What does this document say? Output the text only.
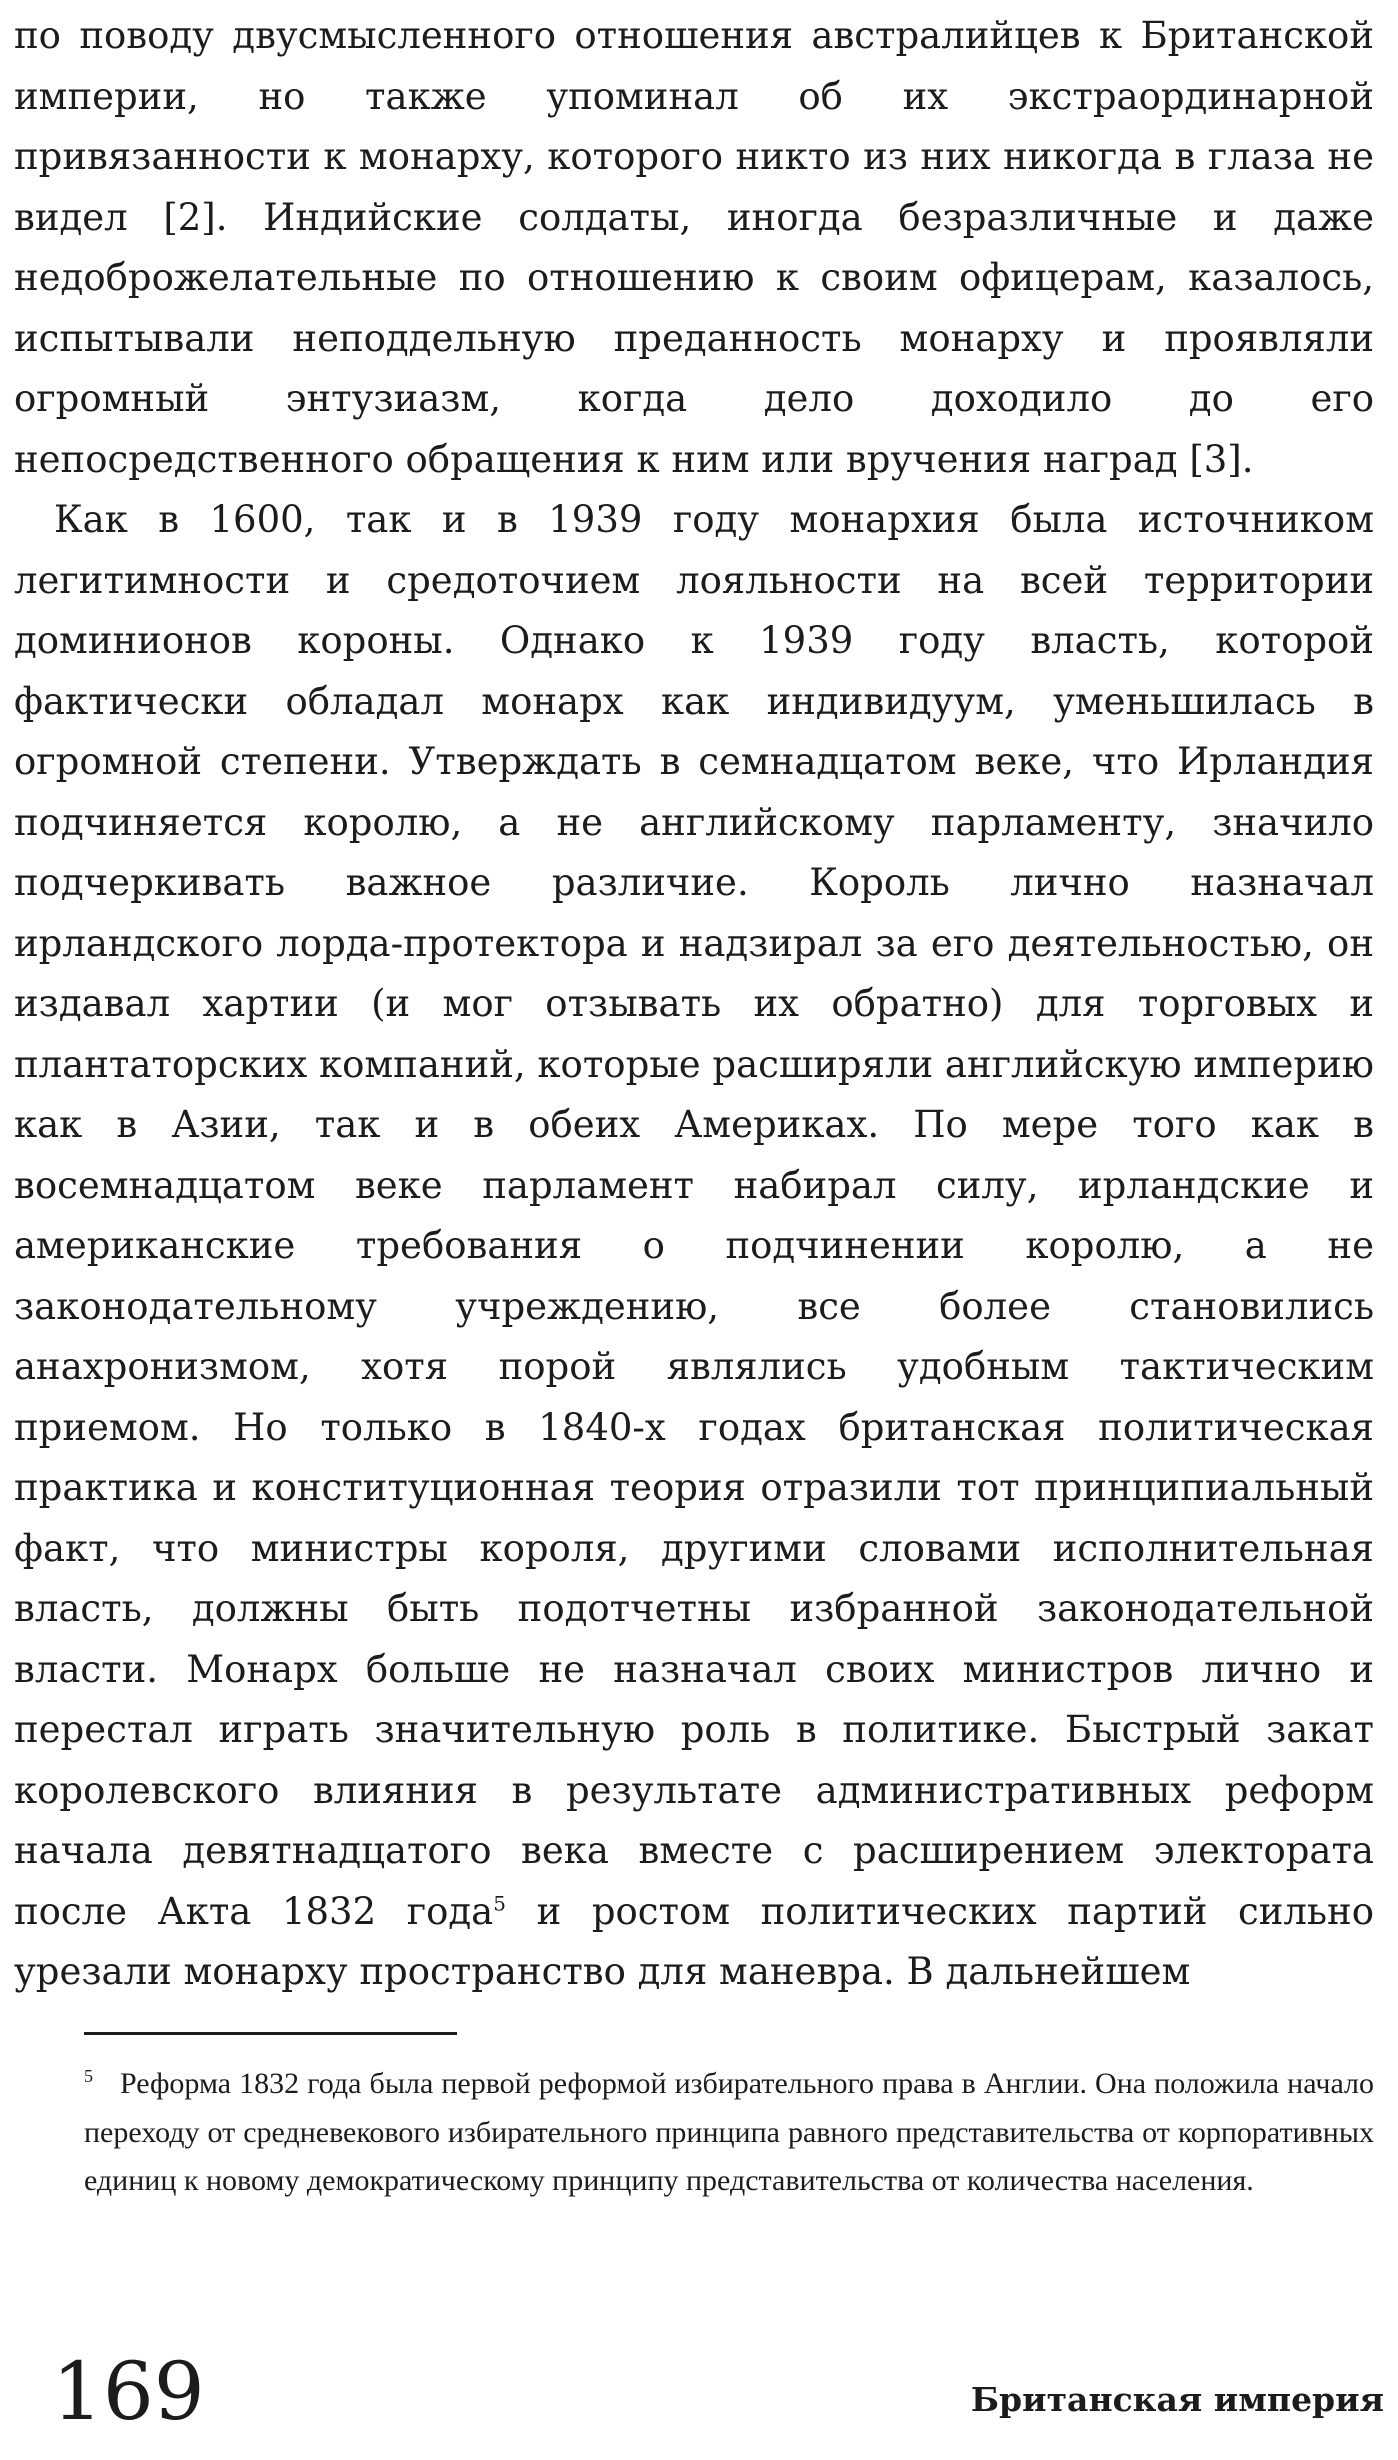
по поводу двусмысленного отношения австралийцев к Британской империи, но также упоминал об их экстраординарной привязанности к монарху, которого никто из них никогда в глаза не видел [2]. Индийские солдаты, иногда безразличные и даже недоброжелательные по отношению к своим офицерам, казалось, испытывали неподдельную преданность монарху и проявляли огромный энтузиазм, когда дело доходило до его непосредственного обращения к ним или вручения наград [3].

Как в 1600, так и в 1939 году монархия была источником легитимности и средоточием лояльности на всей территории доминионов короны. Однако к 1939 году власть, которой фактически обладал монарх как индивидуум, уменьшилась в огромной степени. Утверждать в семнадцатом веке, что Ирландия подчиняется королю, а не английскому парламенту, значило подчеркивать важное различие. Король лично назначал ирландского лорда-протектора и надзирал за его деятельностью, он издавал хартии (и мог отзывать их обратно) для торговых и плантаторских компаний, которые расширяли английскую империю как в Азии, так и в обеих Америках. По мере того как в восемнадцатом веке парламент набирал силу, ирландские и американские требования о подчинении королю, а не законодательному учреждению, все более становились анахронизмом, хотя порой являлись удобным тактическим приемом. Но только в 1840-х годах британская политическая практика и конституционная теория отразили тот принципиальный факт, что министры короля, другими словами исполнительная власть, должны быть подотчетны избранной законодательной власти. Монарх больше не назначал своих министров лично и перестал играть значительную роль в политике. Быстрый закат королевского влияния в результате административных реформ начала девятнадцатого века вместе с расширением электората после Акта 1832 года$^5$ и ростом политических партий сильно урезали монарху пространство для маневра. В дальнейшем

5 Реформа 1832 года была первой реформой избирательного права в Англии. Она положила начало переходу от средневекового избирательного принципа равного представительства от корпоративных единиц к новому демократическому принципу представительства от количества населения.

169	Британская империя
